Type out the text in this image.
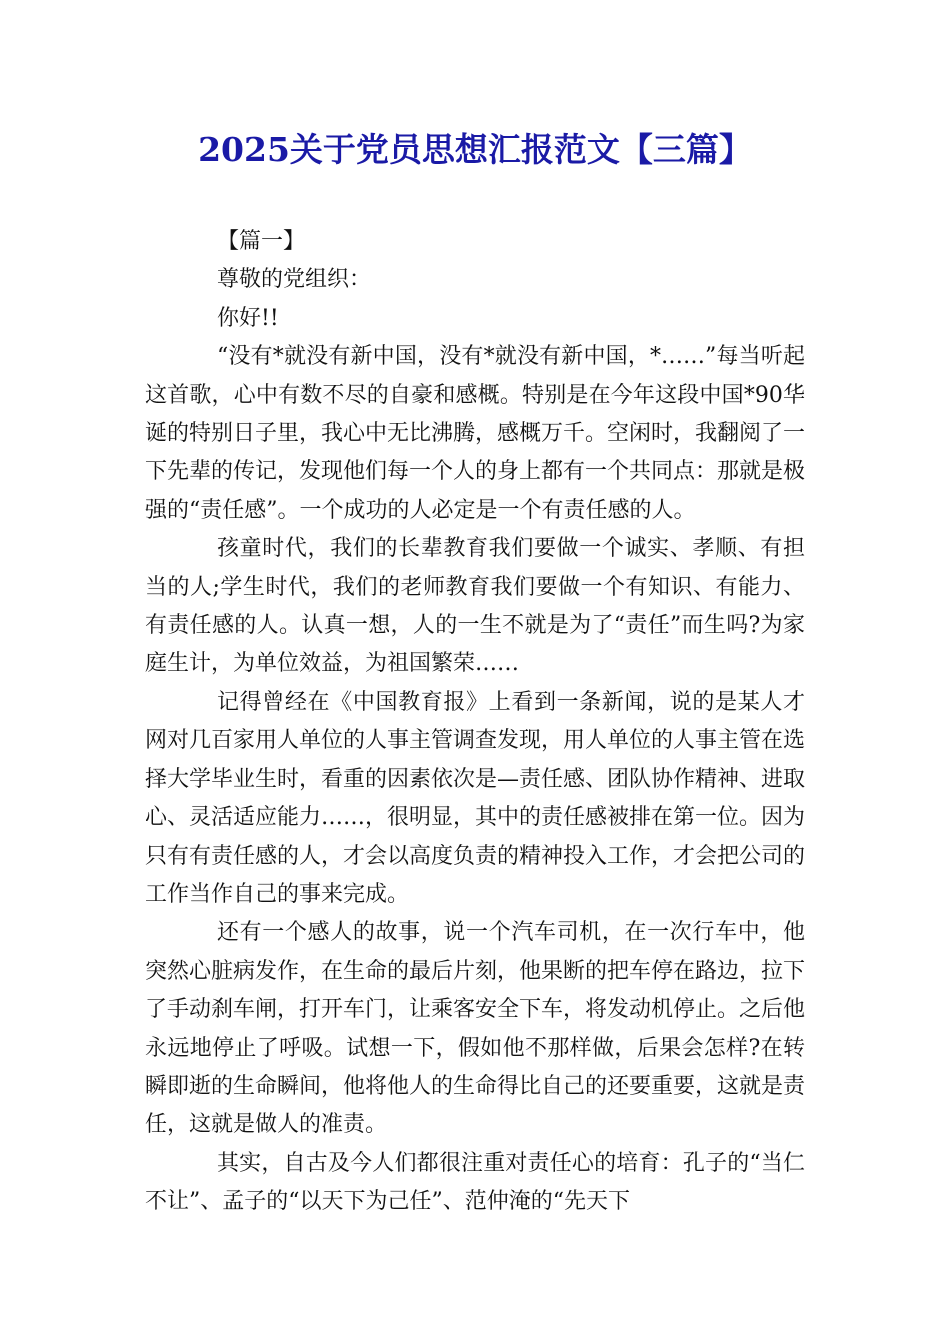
2025关于党员思想汇报范文【三篇】
【篇一】
尊敬的党组织：
你好!!

“没有*就没有新中国，没有*就没有新中国，*……”每当听起这首歌，心中有数不尽的自豪和感概。特别是在今年这段中国*90华诞的特别日子里，我心中无比沸腾，感概万千。空闲时，我翻阅了一下先辈的传记，发现他们每一个人的身上都有一个共同点：那就是极强的“责任感”。一个成功的人必定是一个有责任感的人。

孩童时代，我们的长辈教育我们要做一个诚实、孝顺、有担当的人;学生时代，我们的老师教育我们要做一个有知识、有能力、有责任感的人。认真一想，人的一生不就是为了“责任”而生吗?为家庭生计，为单位效益，为祖国繁荣……

记得曾经在《中国教育报》上看到一条新闻，说的是某人才网对几百家用人单位的人事主管调查发现，用人单位的人事主管在选择大学毕业生时，看重的因素依次是—责任感、团队协作精神、进取心、灵活适应能力……，很明显，其中的责任感被排在第一位。因为只有有责任感的人，才会以高度负责的精神投入工作，才会把公司的工作当作自己的事来完成。

还有一个感人的故事，说一个汽车司机，在一次行车中，他突然心脏病发作，在生命的最后片刻，他果断的把车停在路边，拉下了手动刹车闸，打开车门，让乘客安全下车，将发动机停止。之后他永远地停止了呼吸。试想一下，假如他不那样做，后果会怎样?在转瞬即逝的生命瞬间，他将他人的生命得比自己的还要重要，这就是责任，这就是做人的准责。

其实，自古及今人们都很注重对责任心的培育：孔子的“当仁不让”、孟子的“以天下为己任”、范仲淹的“先天下
